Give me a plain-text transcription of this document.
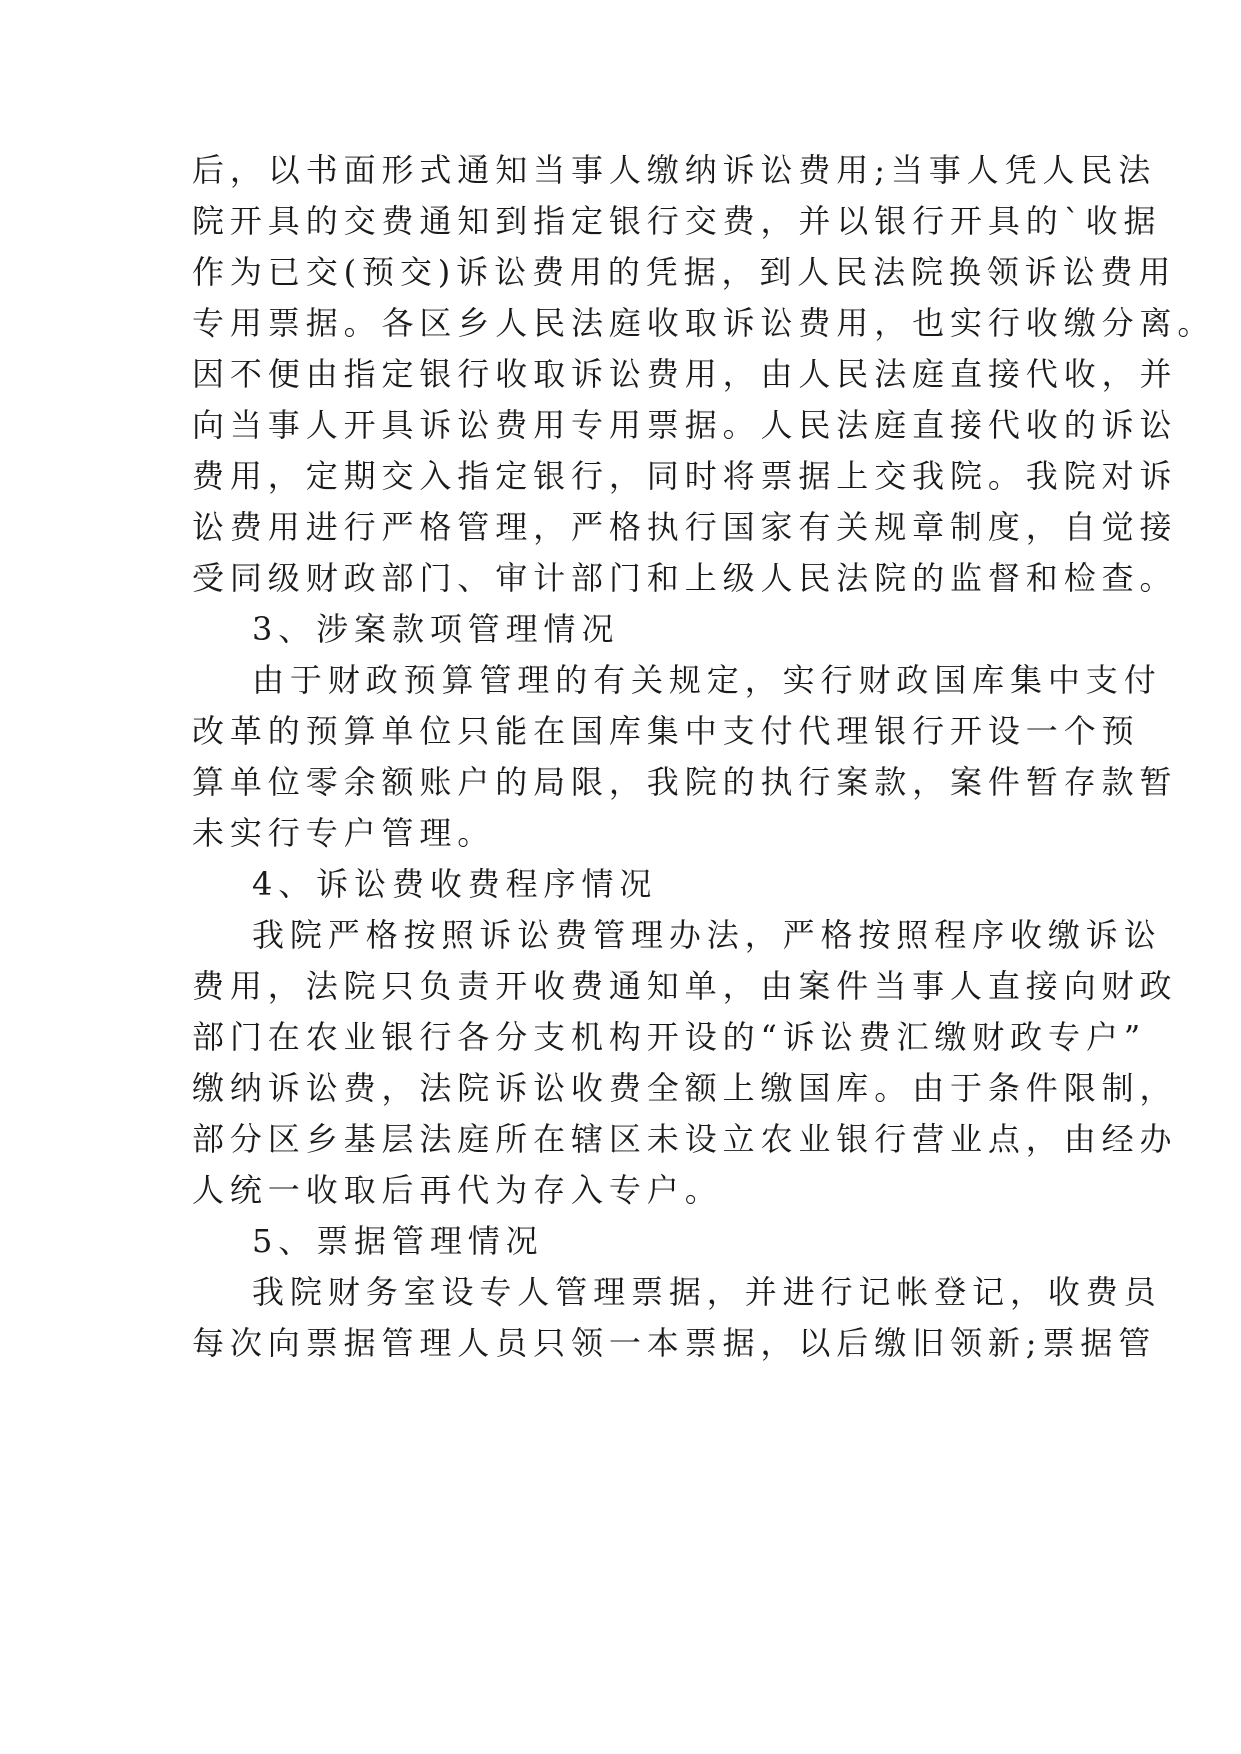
后，以书面形式通知当事人缴纳诉讼费用;当事人凭人民法
院开具的交费通知到指定银行交费，并以银行开具的`收据
作为已交(预交)诉讼费用的凭据，到人民法院换领诉讼费用
专用票据。各区乡人民法庭收取诉讼费用，也实行收缴分离。
因不便由指定银行收取诉讼费用，由人民法庭直接代收，并
向当事人开具诉讼费用专用票据。人民法庭直接代收的诉讼
费用，定期交入指定银行，同时将票据上交我院。我院对诉
讼费用进行严格管理，严格执行国家有关规章制度，自觉接
受同级财政部门、审计部门和上级人民法院的监督和检查。
3、涉案款项管理情况
由于财政预算管理的有关规定，实行财政国库集中支付
改革的预算单位只能在国库集中支付代理银行开设一个预
算单位零余额账户的局限，我院的执行案款，案件暂存款暂
未实行专户管理。
4、诉讼费收费程序情况
我院严格按照诉讼费管理办法，严格按照程序收缴诉讼
费用，法院只负责开收费通知单，由案件当事人直接向财政
部门在农业银行各分支机构开设的“诉讼费汇缴财政专户”
缴纳诉讼费，法院诉讼收费全额上缴国库。由于条件限制，
部分区乡基层法庭所在辖区未设立农业银行营业点，由经办
人统一收取后再代为存入专户。
5、票据管理情况
我院财务室设专人管理票据，并进行记帐登记，收费员
每次向票据管理人员只领一本票据，以后缴旧领新;票据管
